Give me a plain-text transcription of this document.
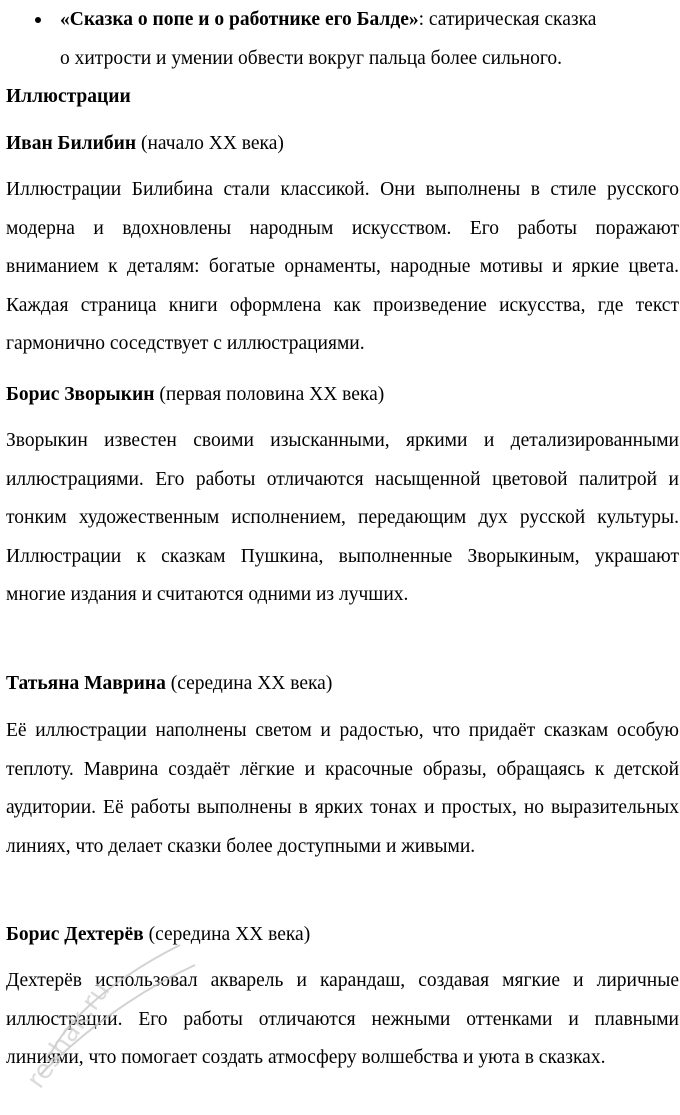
«Сказка о попе и о работнике его Балде»: сатирическая сказка
о хитрости и умении обвести вокруг пальца более сильного.
Иллюстрации
Иван Билибин (начало XX века)
Иллюстрации Билибина стали классикой. Они выполнены в стиле русского модерна и вдохновлены народным искусством. Его работы поражают вниманием к деталям: богатые орнаменты, народные мотивы и яркие цвета. Каждая страница книги оформлена как произведение искусства, где текст гармонично соседствует с иллюстрациями.
Борис Зворыкин (первая половина XX века)
Зворыкин известен своими изысканными, яркими и детализированными иллюстрациями. Его работы отличаются насыщенной цветовой палитрой и тонким художественным исполнением, передающим дух русской культуры. Иллюстрации к сказкам Пушкина, выполненные Зворыкиным, украшают многие издания и считаются одними из лучших.
Татьяна Маврина (середина XX века)
Её иллюстрации наполнены светом и радостью, что придаёт сказкам особую теплоту. Маврина создаёт лёгкие и красочные образы, обращаясь к детской аудитории. Её работы выполнены в ярких тонах и простых, но выразительных линиях, что делает сказки более доступными и живыми.
Борис Дехтерёв (середина XX века)
Дехтерёв использовал акварель и карандаш, создавая мягкие и лиричные иллюстрации. Его работы отличаются нежными оттенками и плавными линиями, что помогает создать атмосферу волшебства и уюта в сказках.
reshak.ru
